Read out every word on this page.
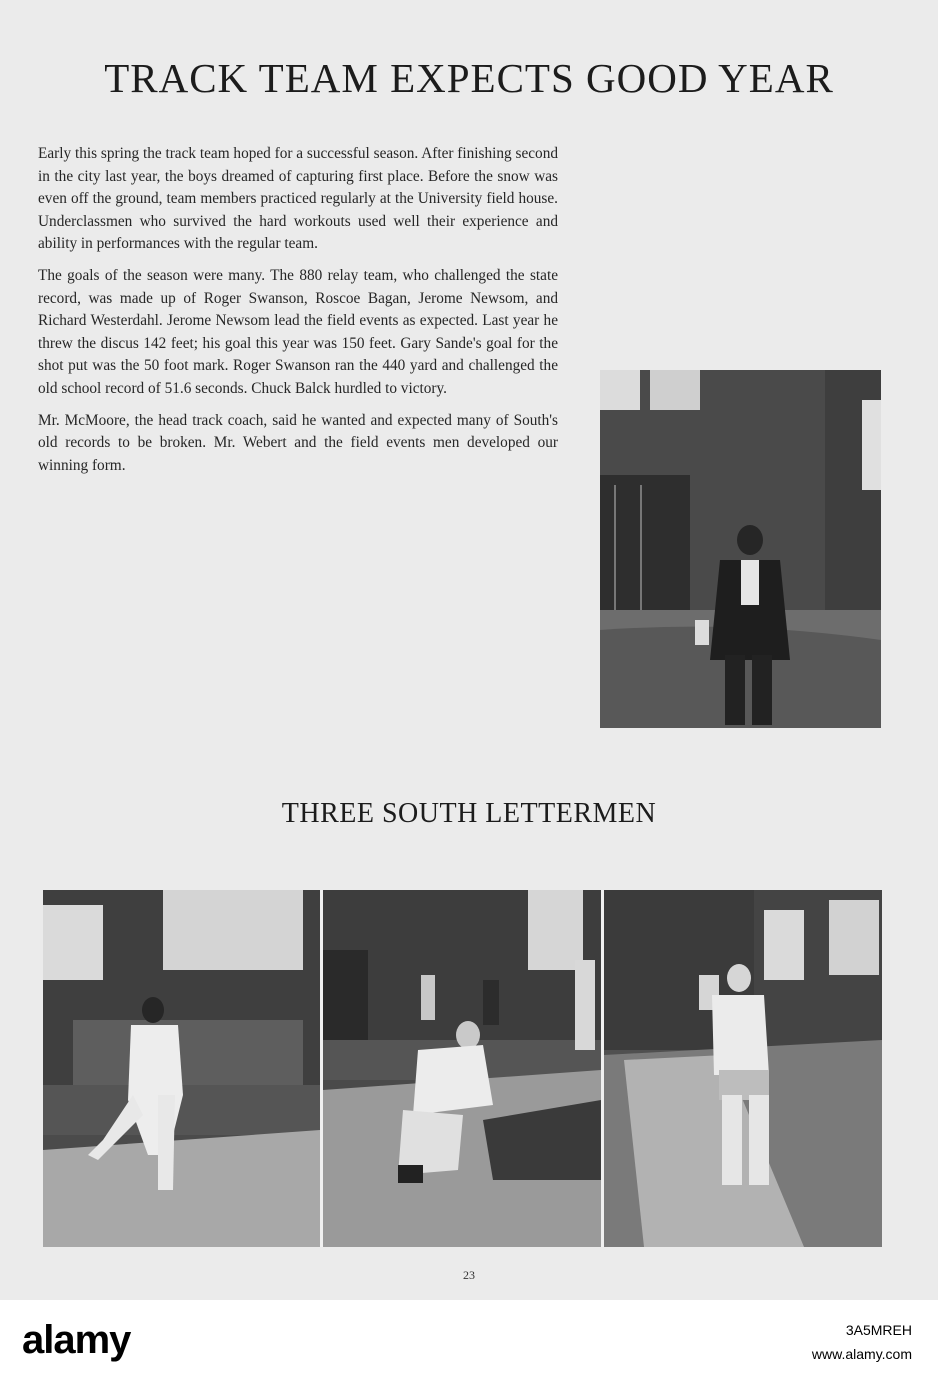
TRACK TEAM EXPECTS GOOD YEAR

Early this spring the track team hoped for a successful season. After finishing second in the city last year, the boys dreamed of capturing first place. Before the snow was even off the ground, team members practiced regularly at the University field house. Underclassmen who survived the hard workouts used well their experience and ability in performances with the regular team.

The goals of the season were many. The 880 relay team, who challenged the state record, was made up of Roger Swanson, Roscoe Bagan, Jerome Newsom, and Richard Westerdahl. Jerome Newsom lead the field events as expected. Last year he threw the discus 142 feet; his goal this year was 150 feet. Gary Sande's goal for the shot put was the 50 foot mark. Roger Swanson ran the 440 yard and challenged the old school record of 51.6 seconds. Chuck Balck hurdled to victory.

Mr. McMoore, the head track coach, said he wanted and expected many of South's old records to be broken. Mr. Webert and the field events men developed our winning form.

THREE SOUTH LETTERMEN
23
alamy	3A5MREH
www.alamy.com
